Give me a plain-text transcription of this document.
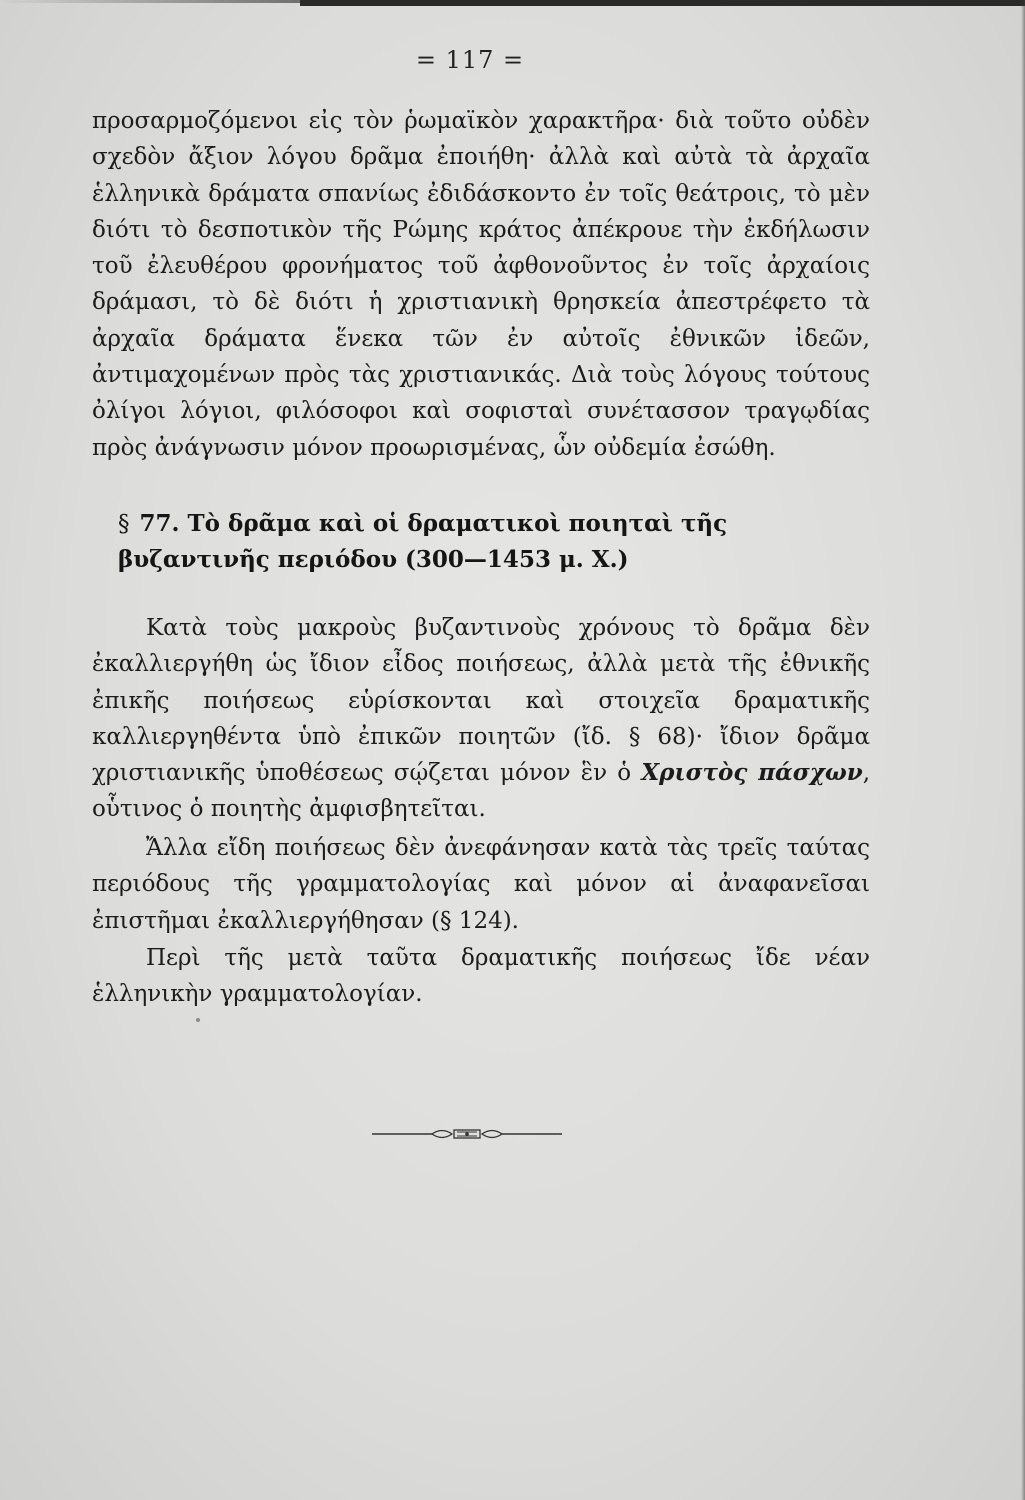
= 117 =
προσαρμοζόμενοι εἰς τὸν ῥωμαϊκὸν χαρακτῆρα· διὰ τοῦτο οὐδὲν σχεδὸν ἄξιον λόγου δρᾶμα ἐποιήθη· ἀλλὰ καὶ αὐτὰ τὰ ἀρχαῖα ἑλληνικὰ δράματα σπανίως ἐδιδάσκοντο ἐν τοῖς θεάτροις, τὸ μὲν διότι τὸ δεσποτικὸν τῆς Ρώμης κράτος ἀπέκρουε τὴν ἐκδήλωσιν τοῦ ἐλευθέρου φρονήματος τοῦ ἀφθονοῦντος ἐν τοῖς ἀρχαίοις δράμασι, τὸ δὲ διότι ἡ χριστιανικὴ θρησκεία ἀπεστρέφετο τὰ ἀρχαῖα δράματα ἕνεκα τῶν ἐν αὐτοῖς ἐθνικῶν ἰδεῶν, ἀντιμαχομένων πρὸς τὰς χριστιανικάς. Διὰ τοὺς λόγους τούτους ὀλίγοι λόγιοι, φιλόσοφοι καὶ σοφισταὶ συνέτασσον τραγῳδίας πρὸς ἀνάγνωσιν μόνον προωρισμένας, ὧν οὐδεμία ἐσώθη.
§ 77. Τὸ δρᾶμα καὶ οἱ δραματικοὶ ποιηταὶ τῆς βυζαντινῆς περιόδου (300—1453 μ. Χ.)
Κατὰ τοὺς μακροὺς βυζαντινοὺς χρόνους τὸ δρᾶμα δὲν ἐκαλλιεργήθη ὡς ἴδιον εἶδος ποιήσεως, ἀλλὰ μετὰ τῆς ἐθνικῆς ἐπικῆς ποιήσεως εὑρίσκονται καὶ στοιχεῖα δραματικῆς καλλιεργηθέντα ὑπὸ ἐπικῶν ποιητῶν (ἴδ. § 68)· ἴδιον δρᾶμα χριστιανικῆς ὑποθέσεως σῴζεται μόνον ἓν ὁ Χριστὸς πάσχων, οὗτινος ὁ ποιητὴς ἀμφισβητεῖται.
Ἄλλα εἴδη ποιήσεως δὲν ἀνεφάνησαν κατὰ τὰς τρεῖς ταύτας περιόδους τῆς γραμματολογίας καὶ μόνον αἱ ἀναφανεῖσαι ἐπιστῆμαι ἐκαλλιεργήθησαν (§ 124).
Περὶ τῆς μετὰ ταῦτα δραματικῆς ποιήσεως ἴδε νέαν ἑλληνικὴν γραμματολογίαν.
